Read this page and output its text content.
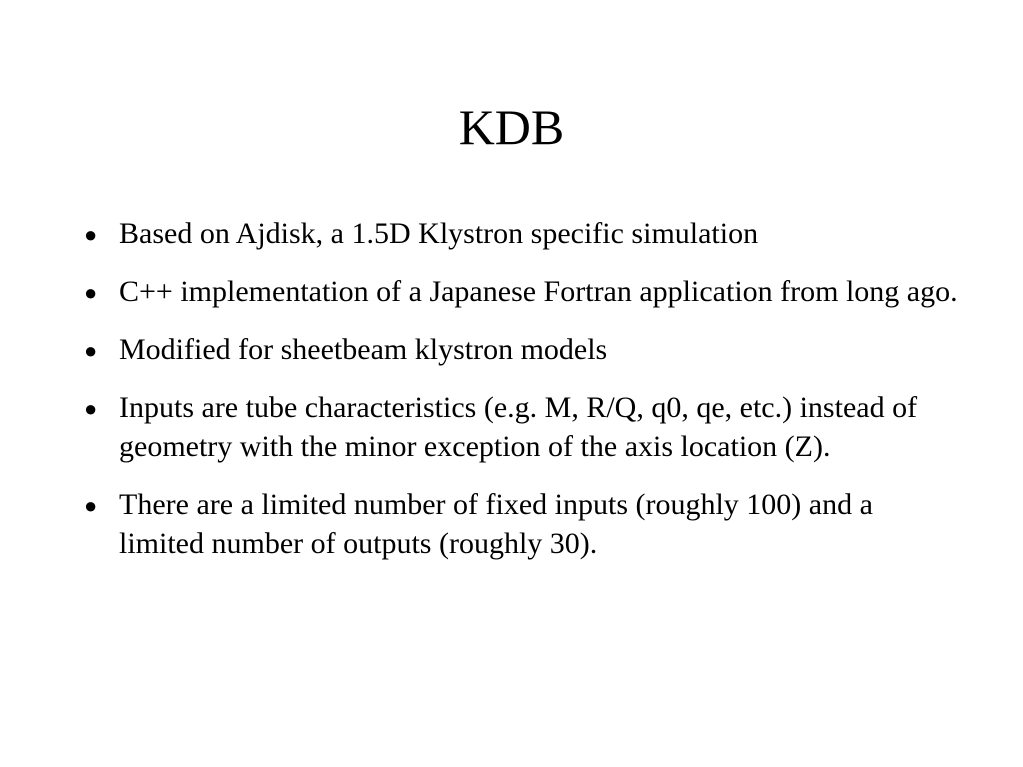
KDB
● Based on Ajdisk, a 1.5D Klystron specific simulation
● C++ implementation of a Japanese Fortran application from long ago.
● Modified for sheetbeam klystron models
● Inputs are tube characteristics (e.g. M, R/Q, q0, qe, etc.) instead of geometry with the minor exception of the axis location (Z).
● There are a limited number of fixed inputs (roughly 100) and a limited number of outputs (roughly 30).
